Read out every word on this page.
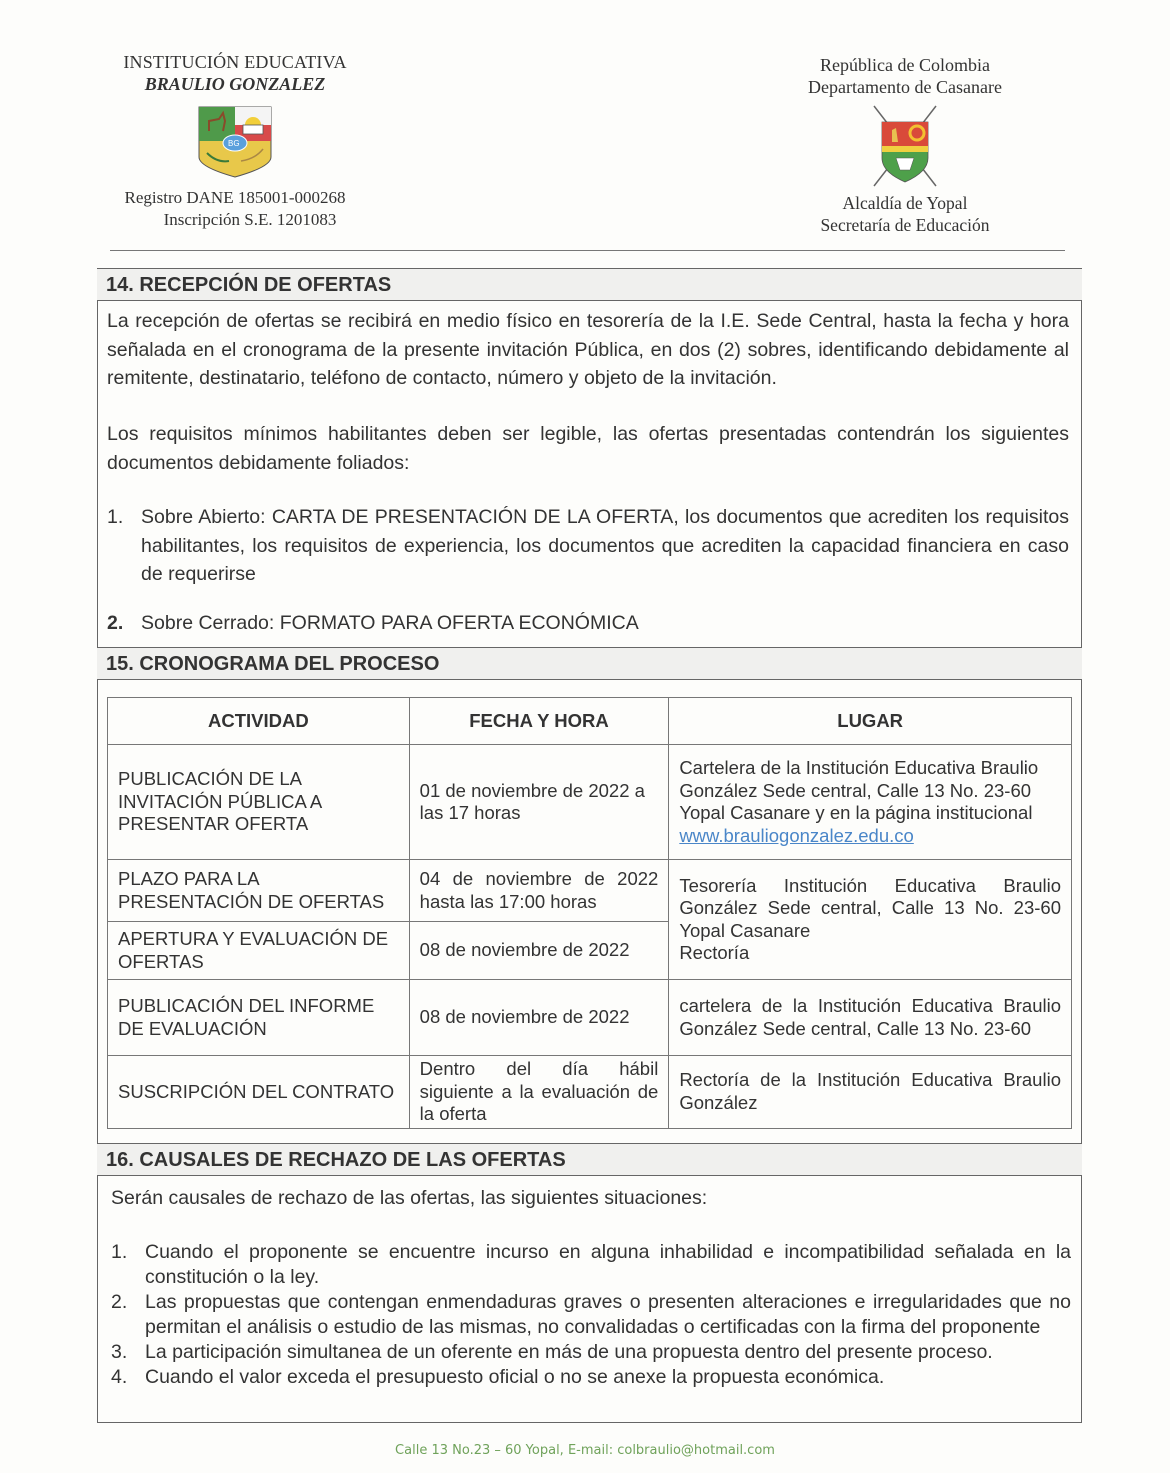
INSTITUCIÓN EDUCATIVA
BRAULIO GONZALEZ
BG
Registro DANE 185001-000268
Inscripción S.E. 1201083
República de Colombia
Departamento de Casanare
Alcaldía de Yopal
Secretaría de Educación
14. RECEPCIÓN DE OFERTAS
La recepción de ofertas se recibirá en medio físico en tesorería de la I.E. Sede Central, hasta la fecha y hora señalada en el cronograma de la presente invitación Pública, en dos (2) sobres, identificando debidamente al remitente, destinatario, teléfono de contacto, número y objeto de la invitación.
Los requisitos mínimos habilitantes deben ser legible, las ofertas presentadas contendrán los siguientes documentos debidamente foliados:
1. Sobre Abierto: CARTA DE PRESENTACIÓN DE LA OFERTA, los documentos que acrediten los requisitos habilitantes, los requisitos de experiencia, los documentos que acrediten la capacidad financiera en caso de requerirse
2. Sobre Cerrado: FORMATO PARA OFERTA ECONÓMICA
15. CRONOGRAMA DEL PROCESO
ACTIVIDAD	FECHA Y HORA	LUGAR
PUBLICACIÓN DE LA INVITACIÓN PÚBLICA A PRESENTAR OFERTA	01 de noviembre de 2022 a las 17 horas	Cartelera de la Institución Educativa Braulio González Sede central, Calle 13 No. 23-60 Yopal Casanare y en la página institucional www.brauliogonzalez.edu.co
PLAZO PARA LA PRESENTACIÓN DE OFERTAS	04 de noviembre de 2022 hasta las 17:00 horas	Tesorería Institución Educativa Braulio González Sede central, Calle 13 No. 23-60 Yopal Casanare
Rectoría

APERTURA Y EVALUACIÓN DE OFERTAS	08 de noviembre de 2022	
PUBLICACIÓN DEL INFORME DE EVALUACIÓN	08 de noviembre de 2022	cartelera de la Institución Educativa Braulio González Sede central, Calle 13 No. 23-60
SUSCRIPCIÓN DEL CONTRATO	Dentro del día hábil siguiente a la evaluación de la oferta	Rectoría de la Institución Educativa Braulio González
16. CAUSALES DE RECHAZO DE LAS OFERTAS
Serán causales de rechazo de las ofertas, las siguientes situaciones:
1. Cuando el proponente se encuentre incurso en alguna inhabilidad e incompatibilidad señalada en la constitución o la ley.
2. Las propuestas que contengan enmendaduras graves o presenten alteraciones e irregularidades que no permitan el análisis o estudio de las mismas, no convalidadas o certificadas con la firma del proponente
3. La participación simultanea de un oferente en más de una propuesta dentro del presente proceso.
4. Cuando el valor exceda el presupuesto oficial o no se anexe la propuesta económica.
Calle 13 No.23 – 60 Yopal, E-mail: colbraulio@hotmail.com
